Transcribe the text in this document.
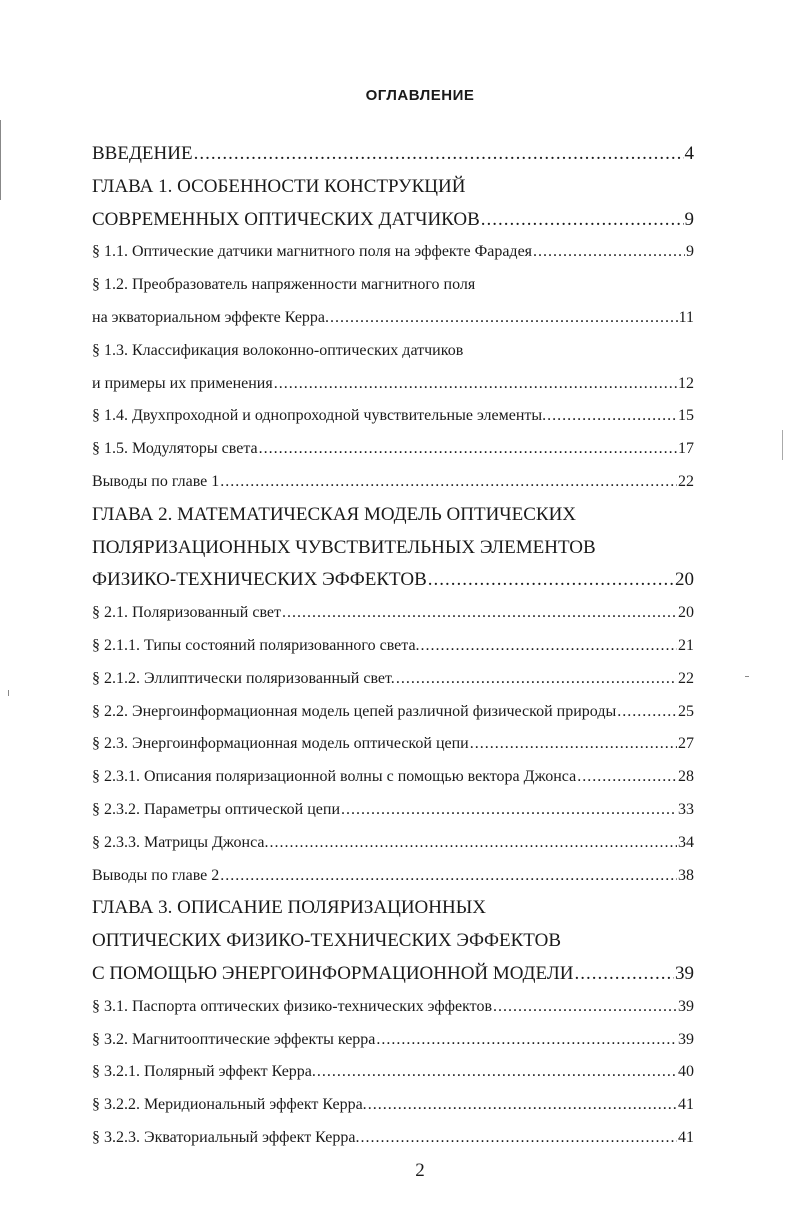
ОГЛАВЛЕНИЕ
ВВЕДЕНИЕ .....	4
ГЛАВА 1. ОСОБЕННОСТИ КОНСТРУКЦИЙ
СОВРЕМЕННЫХ ОПТИЧЕСКИХ ДАТЧИКОВ .....	9
§ 1.1. Оптические датчики магнитного поля на эффекте Фарадея .....	9
§ 1.2. Преобразователь напряженности магнитного поля
на экваториальном эффекте Керра. .....	11
§ 1.3. Классификация волоконно-оптических датчиков
и примеры их применения .....	12
§ 1.4. Двухпроходной и однопроходной чувствительные элементы. .....	15
§ 1.5. Модуляторы света .....	17
Выводы по главе 1 .....	22
ГЛАВА 2. МАТЕМАТИЧЕСКАЯ МОДЕЛЬ ОПТИЧЕСКИХ
ПОЛЯРИЗАЦИОННЫХ ЧУВСТВИТЕЛЬНЫХ ЭЛЕМЕНТОВ
ФИЗИКО-ТЕХНИЧЕСКИХ ЭФФЕКТОВ .....	20
§ 2.1. Поляризованный свет .....	20
§ 2.1.1. Типы состояний поляризованного света. .....	21
§ 2.1.2. Эллиптически поляризованный свет. .....	22
§ 2.2. Энергоинформационная модель цепей различной физической природы .....	25
§ 2.3. Энергоинформационная модель оптической цепи .....	27
§ 2.3.1. Описания поляризационной волны с помощью вектора Джонса .....	28
§ 2.3.2. Параметры оптической цепи .....	33
§ 2.3.3. Матрицы Джонса. .....	34
Выводы по главе 2 .....	38
ГЛАВА 3. ОПИСАНИЕ ПОЛЯРИЗАЦИОННЫХ
ОПТИЧЕСКИХ ФИЗИКО-ТЕХНИЧЕСКИХ ЭФФЕКТОВ
С ПОМОЩЬЮ ЭНЕРГОИНФОРМАЦИОННОЙ МОДЕЛИ .....	39
§ 3.1. Паспорта оптических физико-технических эффектов .....	39
§ 3.2. Магнитооптические эффекты керра .....	39
§ 3.2.1. Полярный эффект Керра. .....	40
§ 3.2.2. Меридиональный эффект Керра. .....	41
§ 3.2.3. Экваториальный эффект Керра. .....	41
2
